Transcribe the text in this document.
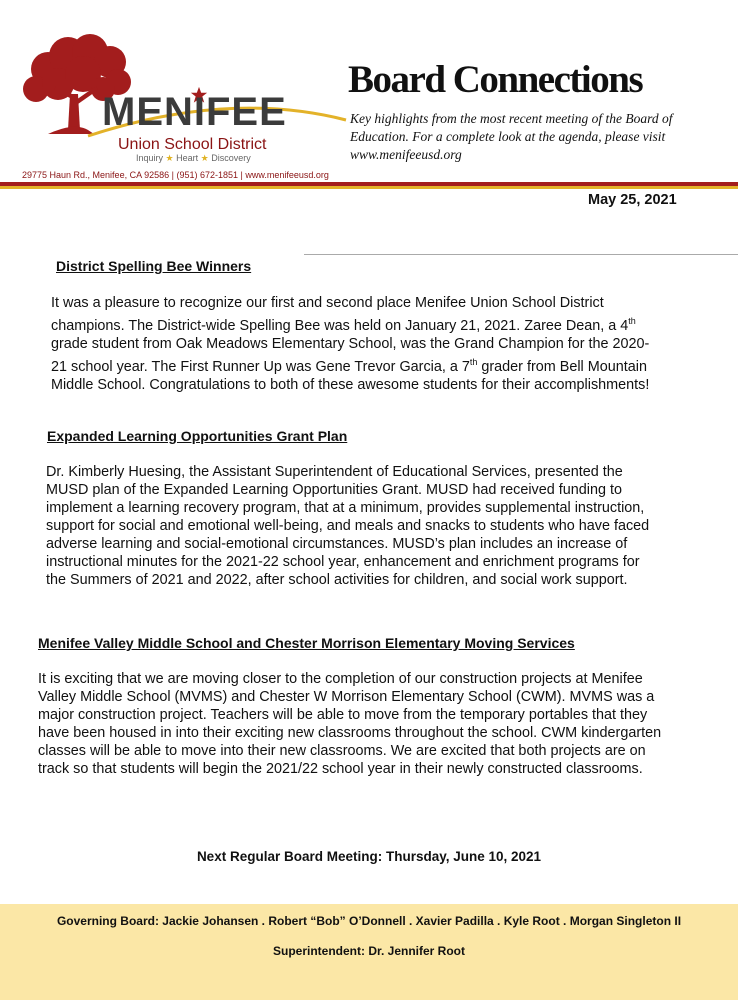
MENIFEE
Union School District
Inquiry ★ Heart ★ Discovery
29775 Haun Rd., Menifee, CA 92586 | (951) 672-1851 | www.menifeeusd.org
Board Connections
Key highlights from the most recent meeting of the Board of Education. For a complete look at the agenda, please visit www.menifeeusd.org
May 25, 2021
District Spelling Bee Winners
It was a pleasure to recognize our first and second place Menifee Union School District
champions. The District-wide Spelling Bee was held on January 21, 2021. Zaree Dean, a 4th
grade student from Oak Meadows Elementary School, was the Grand Champion for the 2020-
21 school year. The First Runner Up was Gene Trevor Garcia, a 7th grader from Bell Mountain
Middle School. Congratulations to both of these awesome students for their accomplishments!
Expanded Learning Opportunities Grant Plan
Dr. Kimberly Huesing, the Assistant Superintendent of Educational Services, presented the
MUSD plan of the Expanded Learning Opportunities Grant. MUSD had received funding to
implement a learning recovery program, that at a minimum, provides supplemental instruction,
support for social and emotional well-being, and meals and snacks to students who have faced
adverse learning and social-emotional circumstances. MUSD’s plan includes an increase of
instructional minutes for the 2021-22 school year, enhancement and enrichment programs for
the Summers of 2021 and 2022, after school activities for children, and social work support.
Menifee Valley Middle School and Chester Morrison Elementary Moving Services
It is exciting that we are moving closer to the completion of our construction projects at Menifee
Valley Middle School (MVMS) and Chester W Morrison Elementary School (CWM). MVMS was a
major construction project. Teachers will be able to move from the temporary portables that they
have been housed in into their exciting new classrooms throughout the school. CWM kindergarten
classes will be able to move into their new classrooms. We are excited that both projects are on
track so that students will begin the 2021/22 school year in their newly constructed classrooms.
Next Regular Board Meeting: Thursday, June 10, 2021
Governing Board: Jackie Johansen . Robert “Bob” O’Donnell . Xavier Padilla . Kyle Root . Morgan Singleton II
Superintendent: Dr. Jennifer Root
